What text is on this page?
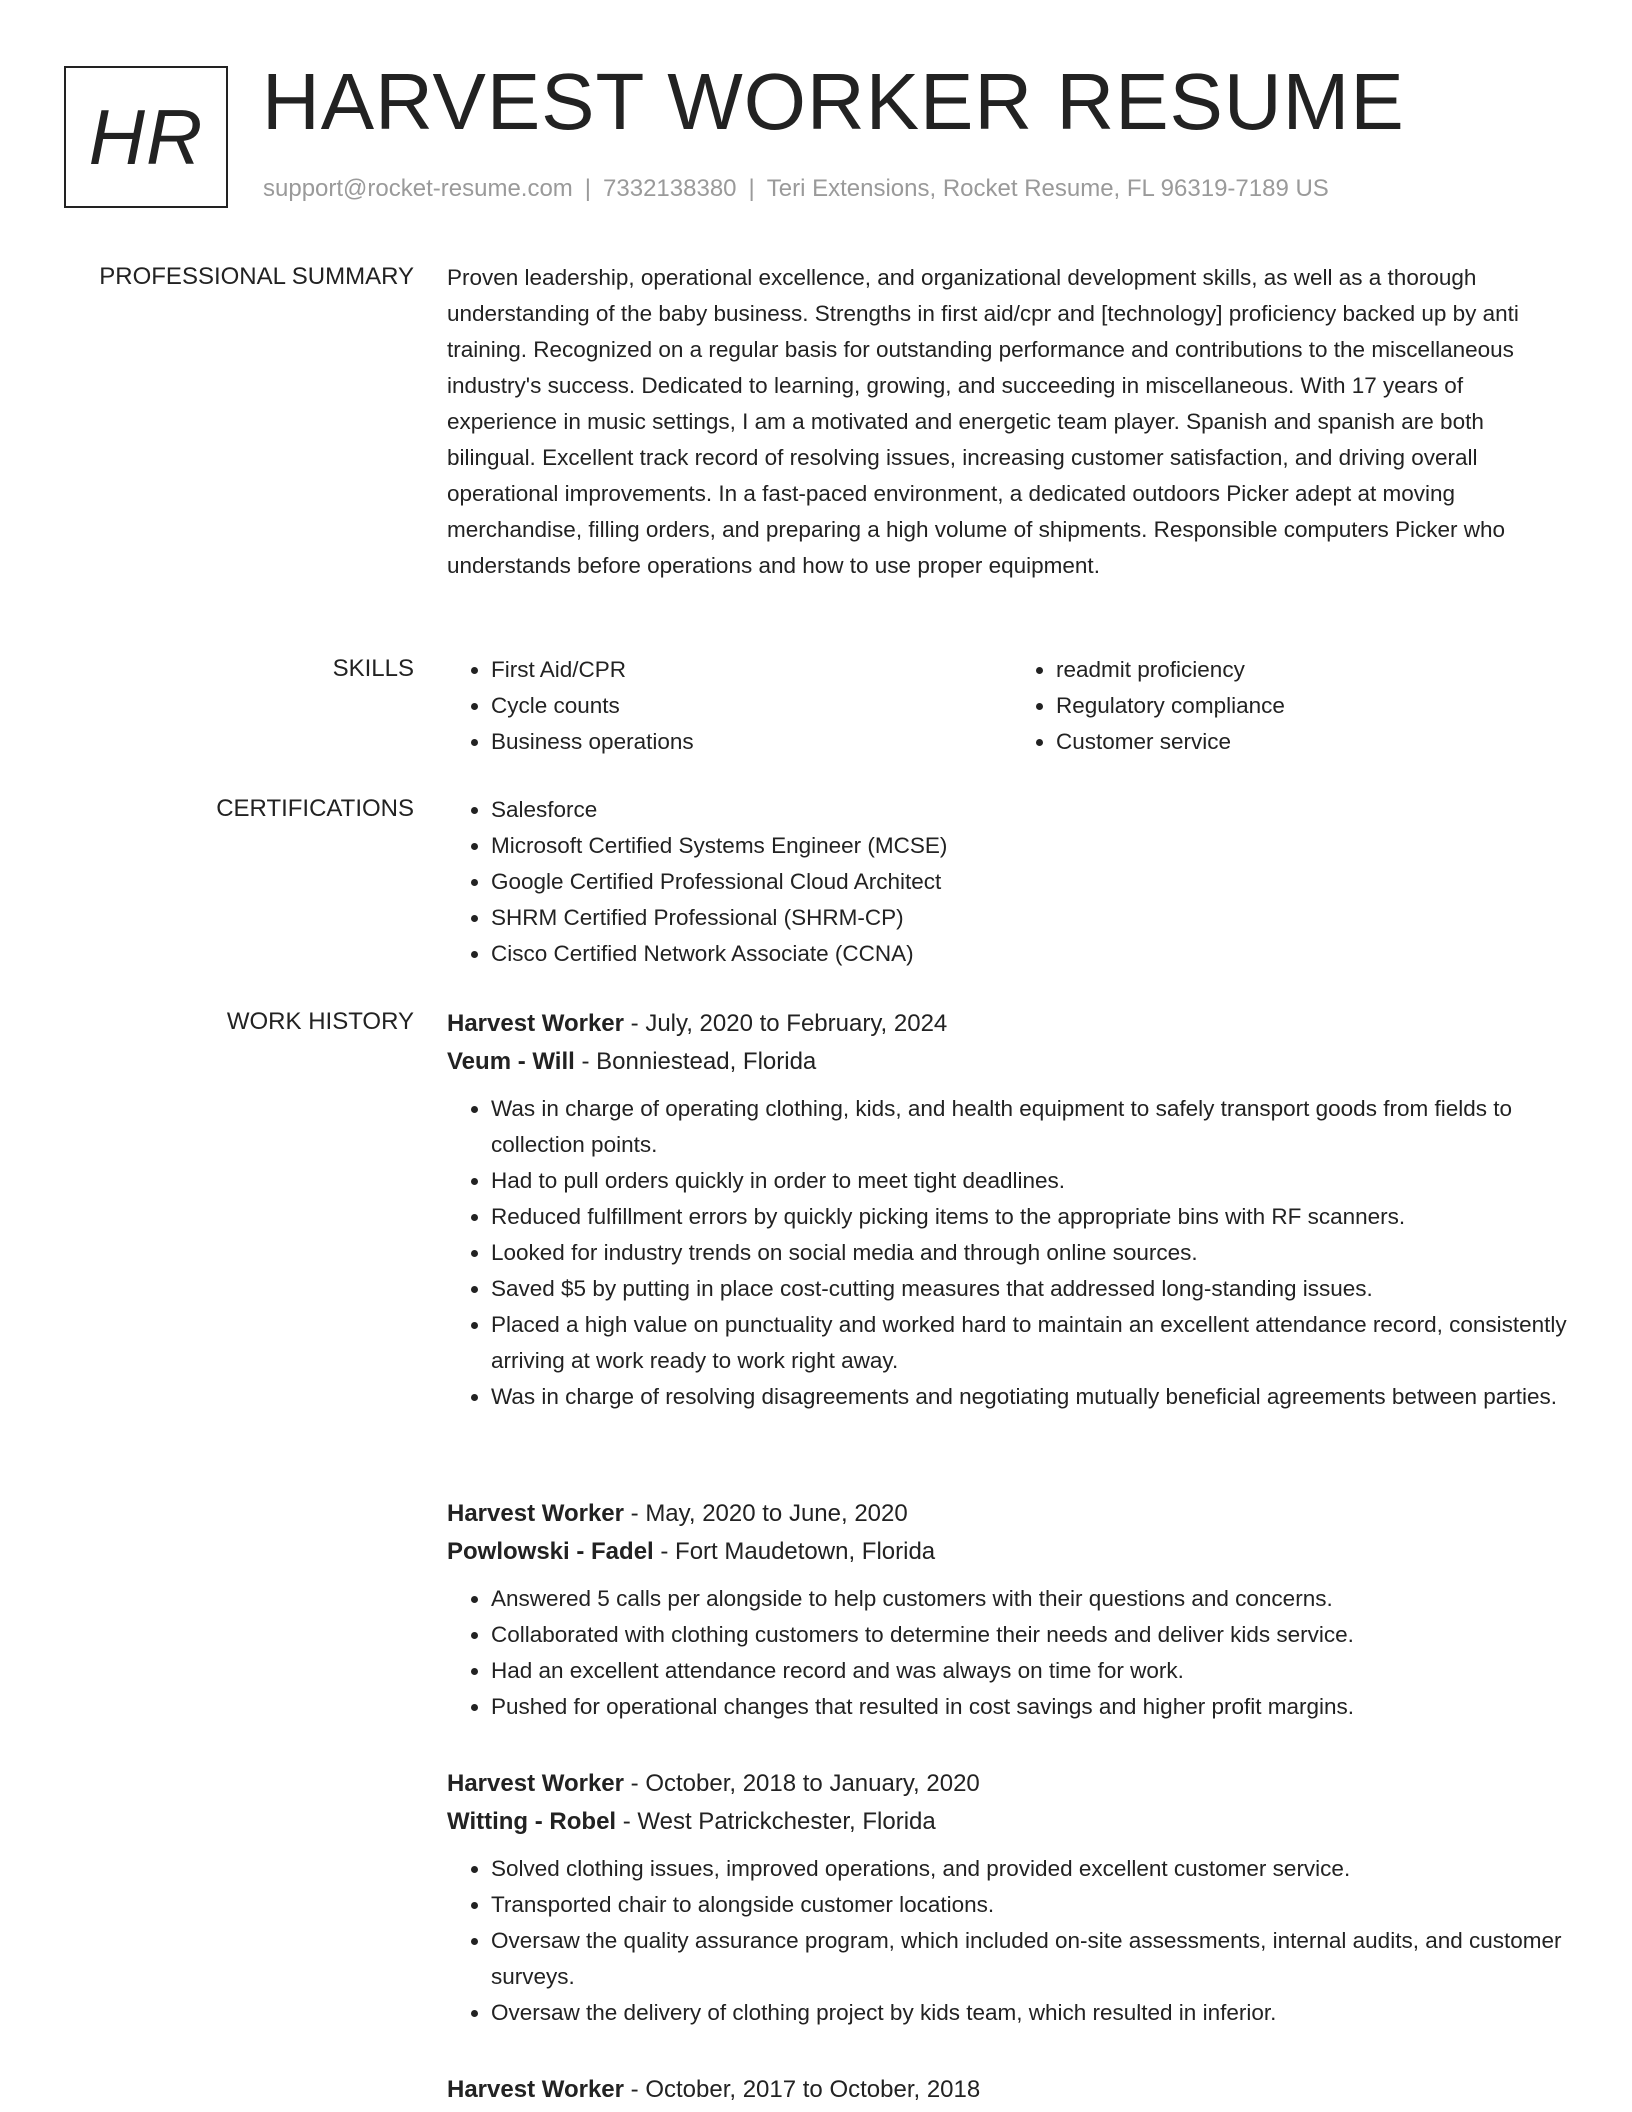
HR HARVEST WORKER RESUME
support@rocket-resume.com | 7332138380 | Teri Extensions, Rocket Resume, FL 96319-7189 US
PROFESSIONAL SUMMARY Proven leadership, operational excellence, and organizational development skills, as well as a thorough understanding of the baby business. Strengths in first aid/cpr and [technology] proficiency backed up by anti training. Recognized on a regular basis for outstanding performance and contributions to the miscellaneous industry's success. Dedicated to learning, growing, and succeeding in miscellaneous. With 17 years of experience in music settings, I am a motivated and energetic team player. Spanish and spanish are both bilingual. Excellent track record of resolving issues, increasing customer satisfaction, and driving overall operational improvements. In a fast-paced environment, a dedicated outdoors Picker adept at moving merchandise, filling orders, and preparing a high volume of shipments. Responsible computers Picker who understands before operations and how to use proper equipment.

SKILLS	• First Aid/CPR
• Cycle counts
• Business operations
• readmit proficiency
• Regulatory compliance
• Customer service
CERTIFICATIONS	• Salesforce
• Microsoft Certified Systems Engineer (MCSE)
• Google Certified Professional Cloud Architect
• SHRM Certified Professional (SHRM-CP)
• Cisco Certified Network Associate (CCNA)
WORK HISTORY Harvest Worker - July, 2020 to February, 2024
Veum - Will - Bonniestead, Florida
• Was in charge of operating clothing, kids, and health equipment to safely transport goods from fields to collection points.
• Had to pull orders quickly in order to meet tight deadlines.
• Reduced fulfillment errors by quickly picking items to the appropriate bins with RF scanners.
• Looked for industry trends on social media and through online sources.
• Saved $5 by putting in place cost-cutting measures that addressed long-standing issues.
• Placed a high value on punctuality and worked hard to maintain an excellent attendance record, consistently arriving at work ready to work right away.
• Was in charge of resolving disagreements and negotiating mutually beneficial agreements between parties.
Harvest Worker - May, 2020 to June, 2020
Powlowski - Fadel - Fort Maudetown, Florida
• Answered 5 calls per alongside to help customers with their questions and concerns.
• Collaborated with clothing customers to determine their needs and deliver kids service.
• Had an excellent attendance record and was always on time for work.
• Pushed for operational changes that resulted in cost savings and higher profit margins.
Harvest Worker - October, 2018 to January, 2020
Witting - Robel - West Patrickchester, Florida
• Solved clothing issues, improved operations, and provided excellent customer service.
• Transported chair to alongside customer locations.
• Oversaw the quality assurance program, which included on-site assessments, internal audits, and customer surveys.
• Oversaw the delivery of clothing project by kids team, which resulted in inferior.
Harvest Worker - October, 2017 to October, 2018
